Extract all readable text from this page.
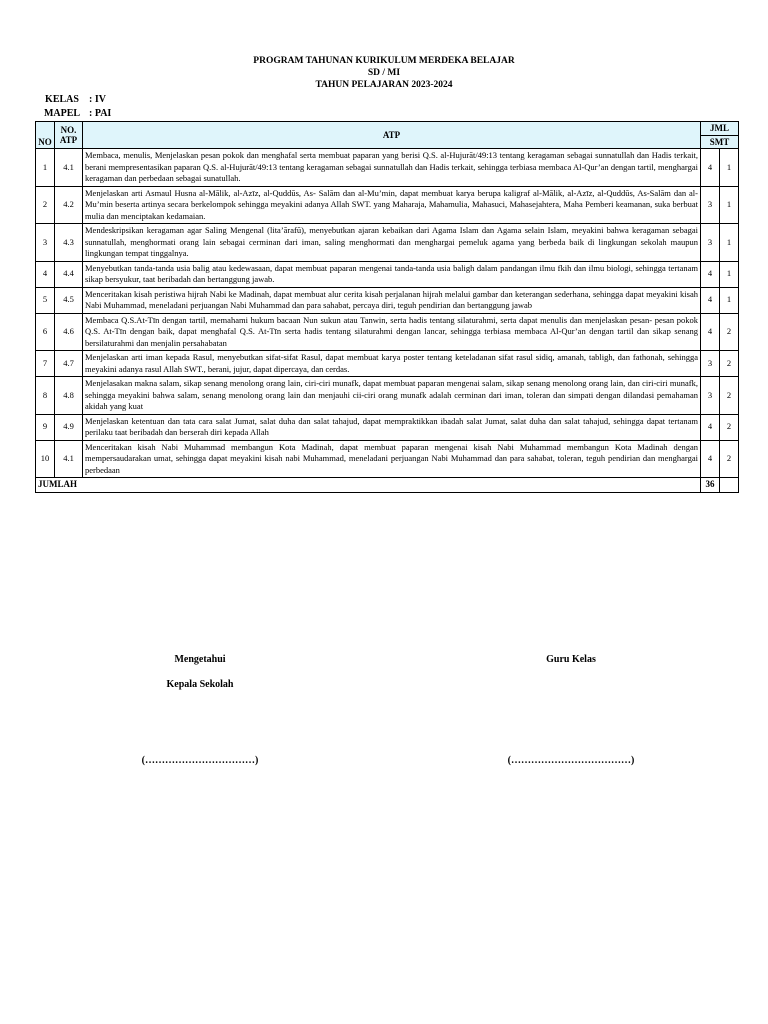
PROGRAM TAHUNAN KURIKULUM MERDEKA BELAJAR
SD / MI
TAHUN PELAJARAN 2023-2024
KELAS : IV
MAPEL : PAI
NO	NO. ATP	ATP	JML	
			SMT	
1	4.1	Membaca, menulis, Menjelaskan pesan pokok dan menghafal serta membuat paparan yang berisi Q.S. al-Hujurāt/49:13 tentang keragaman sebagai sunnatullah dan Hadis terkait, berani mempresentasikan paparan Q.S. al-Hujurāt/49:13 tentang keragaman sebagai sunnatullah dan Hadis terkait, sehingga terbiasa membaca Al-Qur’an dengan tartil, menghargai keragaman dan perbedaan sebagai sunatullah.	4	1
2	4.2	Menjelaskan arti Asmaul Husna al-Mālik, al-Azīz, al-Quddūs, As- Salām dan al-Mu’min, dapat membuat karya berupa kaligraf al-Mālik, al-Azīz, al-Quddūs, As-Salām dan al-Mu’min beserta artinya secara berkelompok sehingga meyakini adanya Allah SWT. yang Maharaja, Mahamulia, Mahasuci, Mahasejahtera, Maha Pemberi keamanan, suka berbuat mulia dan menciptakan kedamaian.	3	1
3	4.3	Mendeskripsikan keragaman agar Saling Mengenal (lita’ārafū), menyebutkan ajaran kebaikan dari Agama Islam dan Agama selain Islam, meyakini bahwa keragaman sebagai sunnatullah, menghormati orang lain sebagai cerminan dari iman, saling menghormati dan menghargai pemeluk agama yang berbeda baik di lingkungan sekolah maupun lingkungan tempat tinggalnya.	3	1
4	4.4	Menyebutkan tanda-tanda usia balig atau kedewasaan, dapat membuat paparan mengenai tanda-tanda usia baligh dalam pandangan ilmu fkih dan ilmu biologi, sehingga tertanam sikap bersyukur, taat beribadah dan bertanggung jawab.	4	1
5	4.5	Menceritakan kisah peristiwa hijrah Nabi ke Madinah, dapat membuat alur cerita kisah perjalanan hijrah melalui gambar dan keterangan sederhana, sehingga dapat meyakini kisah Nabi Muhammad, meneladani perjuangan Nabi Muhammad dan para sahabat, percaya diri, teguh pendirian dan bertanggung jawab	4	1
6	4.6	Membaca Q.S.At-Tīn dengan tartil, memahami hukum bacaan Nun sukun atau Tanwin, serta hadis tentang silaturahmi, serta dapat menulis dan menjelaskan pesan- pesan pokok Q.S. At-Tīn dengan baik, dapat menghafal Q.S. At-Tīn serta hadis tentang silaturahmi dengan lancar, sehingga terbiasa membaca Al-Qur’an dengan tartil dan sikap senang bersilaturahmi dan menjalin persahabatan	4	2
7	4.7	Menjelaskan arti iman kepada Rasul, menyebutkan sifat-sifat Rasul, dapat membuat karya poster tentang keteladanan sifat rasul sidiq, amanah, tabligh, dan fathonah, sehingga meyakini adanya rasul Allah SWT., berani, jujur, dapat dipercaya, dan cerdas.	3	2
8	4.8	Menjelasakan makna salam, sikap senang menolong orang lain, ciri-ciri munafk, dapat membuat paparan mengenai salam, sikap senang menolong orang lain, dan ciri-ciri munafk, sehingga meyakini bahwa salam, senang menolong orang lain dan menjauhi cii-ciri orang munafk adalah cerminan dari iman, toleran dan simpati dengan dilandasi pemahaman akidah yang kuat	3	2
9	4.9	Menjelaskan ketentuan dan tata cara salat Jumat, salat duha dan salat tahajud, dapat mempraktikkan ibadah salat Jumat, salat duha dan salat tahajud, sehingga dapat tertanam perilaku taat beribadah dan berserah diri kepada Allah	4	2
10	4.1	Menceritakan kisah Nabi Muhammad membangun Kota Madinah, dapat membuat paparan mengenai kisah Nabi Muhammad membangun Kota Madinah dengan mempersaudarakan umat, sehingga dapat meyakini kisah nabi Muhammad, meneladani perjuangan Nabi Muhammad dan para sahabat, toleran, teguh pendirian dan menghargai perbedaan	4	2
JUMLAH			36	
Mengetahui
Kepala Sekolah
(……………………………)
Guru Kelas
(………………………………)
